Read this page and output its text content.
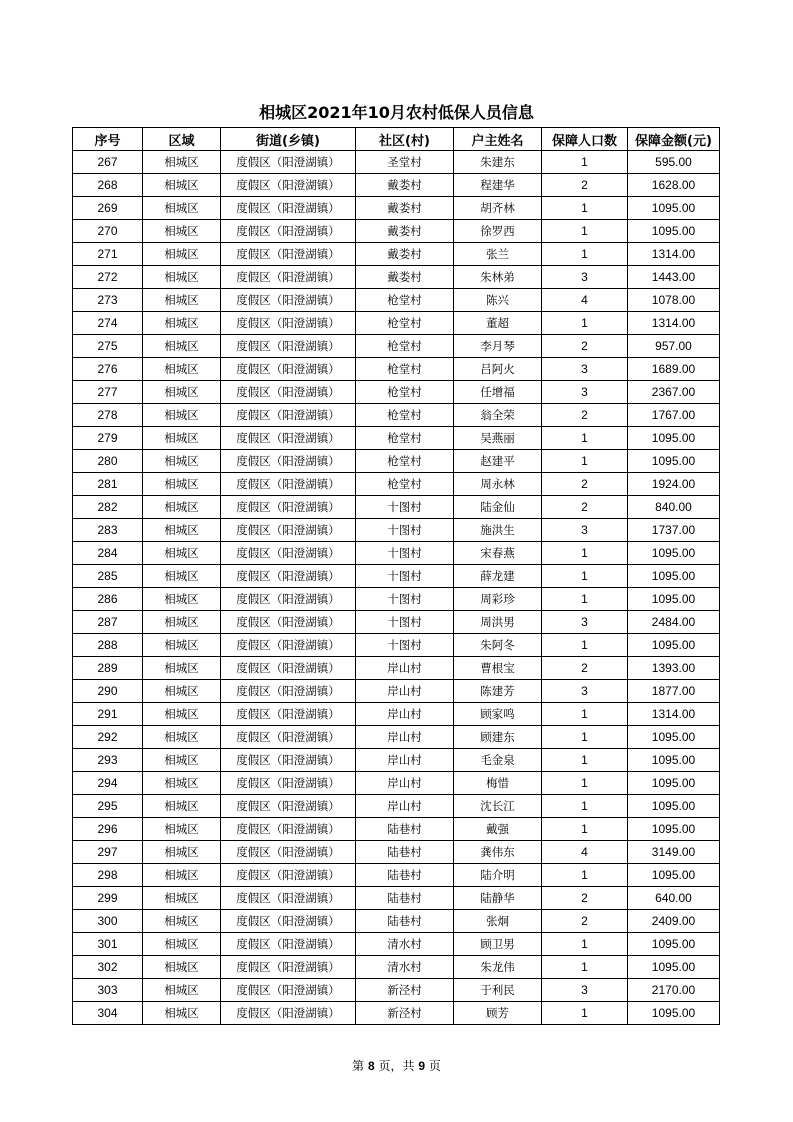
相城区2021年10月农村低保人员信息
序号	区域	街道(乡镇)	社区(村)	户主姓名	保障人口数	保障金额(元)
267	相城区	度假区（阳澄湖镇）	圣堂村	朱建东	1	595.00
268	相城区	度假区（阳澄湖镇）	戴娄村	程建华	2	1628.00
269	相城区	度假区（阳澄湖镇）	戴娄村	胡齐林	1	1095.00
270	相城区	度假区（阳澄湖镇）	戴娄村	徐罗西	1	1095.00
271	相城区	度假区（阳澄湖镇）	戴娄村	张兰	1	1314.00
272	相城区	度假区（阳澄湖镇）	戴娄村	朱林弟	3	1443.00
273	相城区	度假区（阳澄湖镇）	枪堂村	陈兴	4	1078.00
274	相城区	度假区（阳澄湖镇）	枪堂村	董超	1	1314.00
275	相城区	度假区（阳澄湖镇）	枪堂村	李月琴	2	957.00
276	相城区	度假区（阳澄湖镇）	枪堂村	吕阿火	3	1689.00
277	相城区	度假区（阳澄湖镇）	枪堂村	任增福	3	2367.00
278	相城区	度假区（阳澄湖镇）	枪堂村	翁全荣	2	1767.00
279	相城区	度假区（阳澄湖镇）	枪堂村	吴燕丽	1	1095.00
280	相城区	度假区（阳澄湖镇）	枪堂村	赵建平	1	1095.00
281	相城区	度假区（阳澄湖镇）	枪堂村	周永林	2	1924.00
282	相城区	度假区（阳澄湖镇）	十图村	陆金仙	2	840.00
283	相城区	度假区（阳澄湖镇）	十图村	施洪生	3	1737.00
284	相城区	度假区（阳澄湖镇）	十图村	宋春燕	1	1095.00
285	相城区	度假区（阳澄湖镇）	十图村	薛龙建	1	1095.00
286	相城区	度假区（阳澄湖镇）	十图村	周彩珍	1	1095.00
287	相城区	度假区（阳澄湖镇）	十图村	周洪男	3	2484.00
288	相城区	度假区（阳澄湖镇）	十图村	朱阿冬	1	1095.00
289	相城区	度假区（阳澄湖镇）	岸山村	曹根宝	2	1393.00
290	相城区	度假区（阳澄湖镇）	岸山村	陈建芳	3	1877.00
291	相城区	度假区（阳澄湖镇）	岸山村	顾家鸣	1	1314.00
292	相城区	度假区（阳澄湖镇）	岸山村	顾建东	1	1095.00
293	相城区	度假区（阳澄湖镇）	岸山村	毛金泉	1	1095.00
294	相城区	度假区（阳澄湖镇）	岸山村	梅惜	1	1095.00
295	相城区	度假区（阳澄湖镇）	岸山村	沈长江	1	1095.00
296	相城区	度假区（阳澄湖镇）	陆巷村	戴强	1	1095.00
297	相城区	度假区（阳澄湖镇）	陆巷村	龚伟东	4	3149.00
298	相城区	度假区（阳澄湖镇）	陆巷村	陆介明	1	1095.00
299	相城区	度假区（阳澄湖镇）	陆巷村	陆静华	2	640.00
300	相城区	度假区（阳澄湖镇）	陆巷村	张炯	2	2409.00
301	相城区	度假区（阳澄湖镇）	清水村	顾卫男	1	1095.00
302	相城区	度假区（阳澄湖镇）	清水村	朱龙伟	1	1095.00
303	相城区	度假区（阳澄湖镇）	新泾村	于利民	3	2170.00
304	相城区	度假区（阳澄湖镇）	新泾村	顾芳	1	1095.00
第 8 页，共 9 页
